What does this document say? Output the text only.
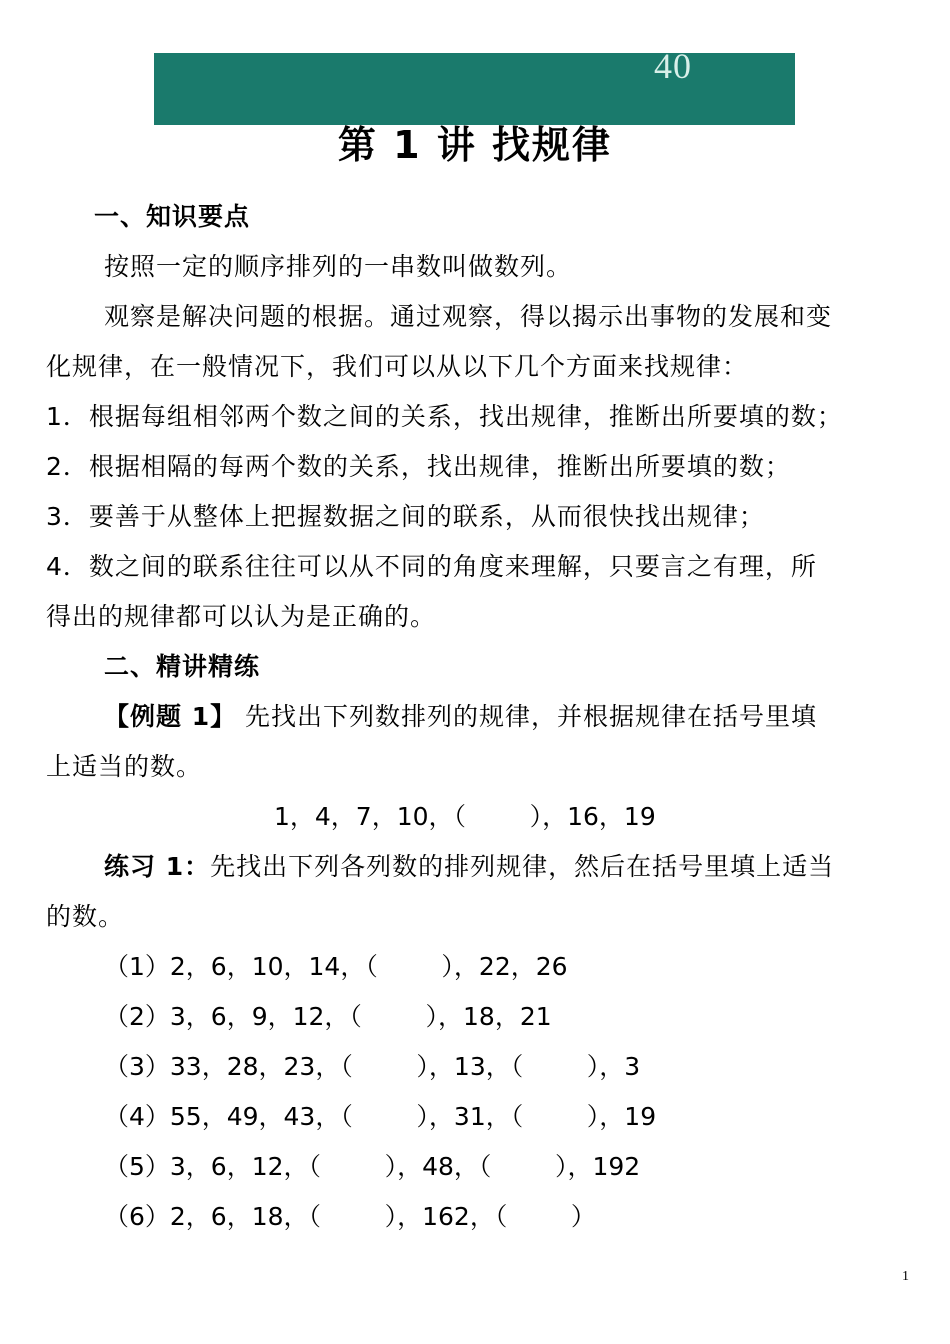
40
第 1 讲 找规律
一、知识要点
按照一定的顺序排列的一串数叫做数列。
观察是解决问题的根据。通过观察，得以揭示出事物的发展和变
化规律，在一般情况下，我们可以从以下几个方面来找规律：
1．根据每组相邻两个数之间的关系，找出规律，推断出所要填的数；
2．根据相隔的每两个数的关系，找出规律，推断出所要填的数；
3．要善于从整体上把握数据之间的联系，从而很快找出规律；
4．数之间的联系往往可以从不同的角度来理解，只要言之有理，所
得出的规律都可以认为是正确的。
二、精讲精练
【例题 1】 先找出下列数排列的规律，并根据规律在括号里填
上适当的数。
1，4，7，10，（        ），16，19
练习 1：先找出下列各列数的排列规律，然后在括号里填上适当
的数。
（1）2，6，10，14，（        ），22，26
（2）3，6，9，12，（        ），18，21
（3）33，28，23，（        ），13，（        ），3
（4）55，49，43，（        ），31，（        ），19
（5）3，6，12，（        ），48，（        ），192
（6）2，6，18，（        ），162，（        ）
1
